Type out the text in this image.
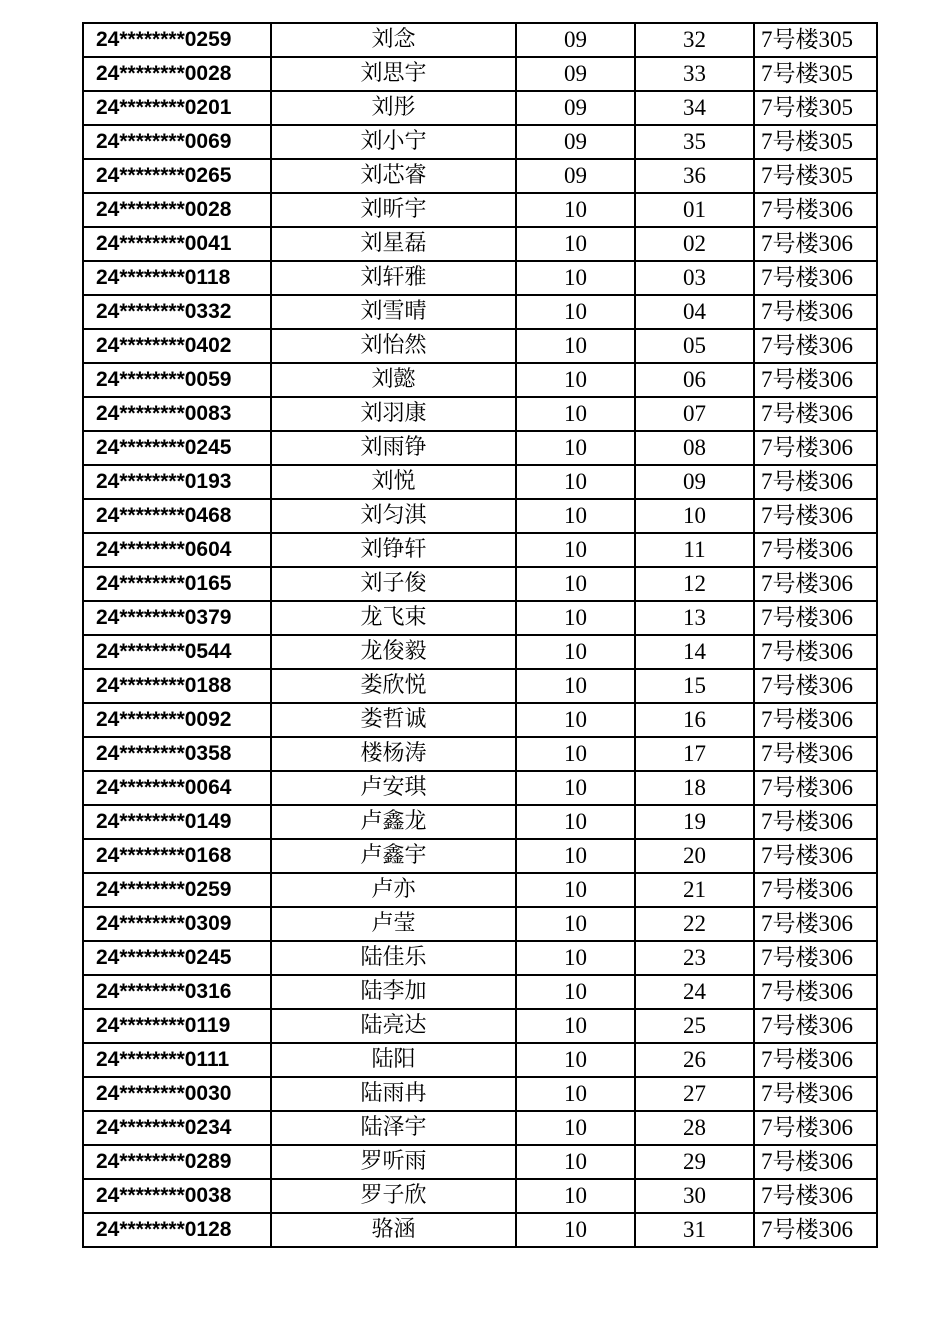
24********0259	刘念	09	32	7号楼305
24********0028	刘思宇	09	33	7号楼305
24********0201	刘彤	09	34	7号楼305
24********0069	刘小宁	09	35	7号楼305
24********0265	刘芯睿	09	36	7号楼305
24********0028	刘昕宇	10	01	7号楼306
24********0041	刘星磊	10	02	7号楼306
24********0118	刘轩雅	10	03	7号楼306
24********0332	刘雪晴	10	04	7号楼306
24********0402	刘怡然	10	05	7号楼306
24********0059	刘懿	10	06	7号楼306
24********0083	刘羽康	10	07	7号楼306
24********0245	刘雨铮	10	08	7号楼306
24********0193	刘悦	10	09	7号楼306
24********0468	刘匀淇	10	10	7号楼306
24********0604	刘铮轩	10	11	7号楼306
24********0165	刘子俊	10	12	7号楼306
24********0379	龙飞束	10	13	7号楼306
24********0544	龙俊毅	10	14	7号楼306
24********0188	娄欣悦	10	15	7号楼306
24********0092	娄哲诚	10	16	7号楼306
24********0358	楼杨涛	10	17	7号楼306
24********0064	卢安琪	10	18	7号楼306
24********0149	卢鑫龙	10	19	7号楼306
24********0168	卢鑫宇	10	20	7号楼306
24********0259	卢亦	10	21	7号楼306
24********0309	卢莹	10	22	7号楼306
24********0245	陆佳乐	10	23	7号楼306
24********0316	陆李加	10	24	7号楼306
24********0119	陆亮达	10	25	7号楼306
24********0111	陆阳	10	26	7号楼306
24********0030	陆雨冉	10	27	7号楼306
24********0234	陆泽宇	10	28	7号楼306
24********0289	罗听雨	10	29	7号楼306
24********0038	罗子欣	10	30	7号楼306
24********0128	骆涵	10	31	7号楼306
